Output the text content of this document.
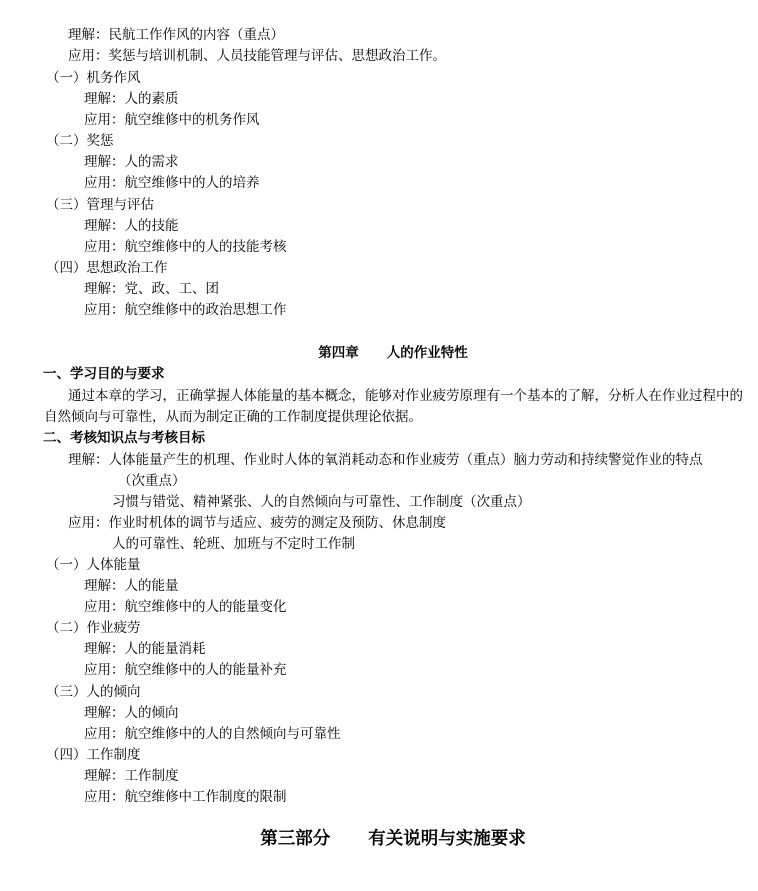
理解：民航工作作风的内容（重点）
应用：奖惩与培训机制、人员技能管理与评估、思想政治工作。
（一）机务作风
理解：人的素质
应用：航空维修中的机务作风
（二）奖惩
理解：人的需求
应用：航空维修中的人的培养
（三）管理与评估
理解：人的技能
应用：航空维修中的人的技能考核
（四）思想政治工作
理解：党、政、工、团
应用：航空维修中的政治思想工作
第四章 人的作业特性
一、学习目的与要求
通过本章的学习，正确掌握人体能量的基本概念，能够对作业疲劳原理有一个基本的了解，分析人在作业过程中的自然倾向与可靠性，从而为制定正确的工作制度提供理论依据。
二、考核知识点与考核目标
理解：人体能量产生的机理、作业时人体的氧消耗动态和作业疲劳（重点）脑力劳动和持续警觉作业的特点
（次重点）
习惯与错觉、精神紧张、人的自然倾向与可靠性、工作制度（次重点）
应用：作业时机体的调节与适应、疲劳的测定及预防、休息制度
人的可靠性、轮班、加班与不定时工作制
（一）人体能量
理解：人的能量
应用：航空维修中的人的能量变化
（二）作业疲劳
理解：人的能量消耗
应用：航空维修中的人的能量补充
（三）人的倾向
理解：人的倾向
应用：航空维修中的人的自然倾向与可靠性
（四）工作制度
理解：工作制度
应用：航空维修中工作制度的限制
第三部分 有关说明与实施要求
